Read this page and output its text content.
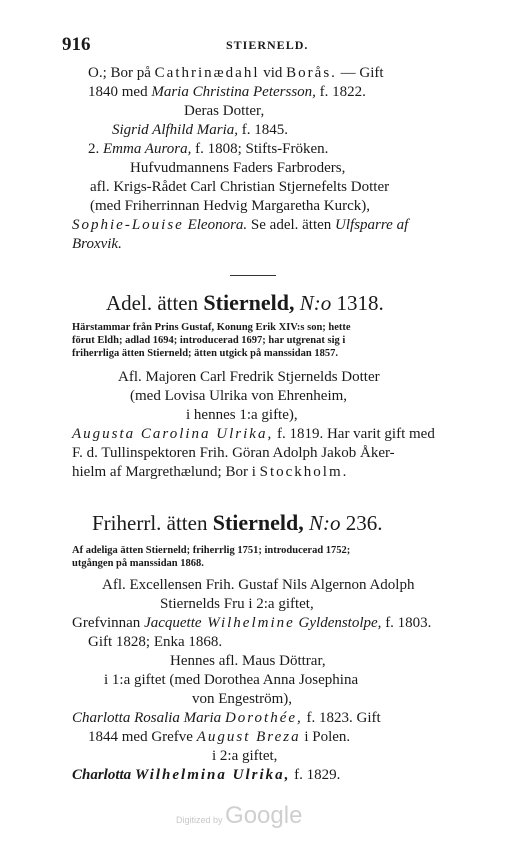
916	STIERNELD.
O.; Bor på Cathrinædahl vid Borås. — Gift
1840 med Maria Christina Petersson, f. 1822.
Deras Dotter,
Sigrid Alfhild Maria, f. 1845.
2. Emma Aurora, f. 1808; Stifts-Fröken.
Hufvudmannens Faders Farbroders,
afl. Krigs-Rådet Carl Christian Stjernefelts Dotter
(med Friherrinnan Hedvig Margaretha Kurck),
Sophie-Louise Eleonora. Se adel. ätten Ulfsparre af
Broxvik.
Adel. ätten Stierneld, N:o 1318.
Härstammar från Prins Gustaf, Konung Erik XIV:s son; hette
förut Eldh; adlad 1694; introducerad 1697; har utgrenat sig i
friherrliga ätten Stierneld; ätten utgick på manssidan 1857.
Afl. Majoren Carl Fredrik Stjernelds Dotter
(med Lovisa Ulrika von Ehrenheim,
i hennes 1:a gifte),
Augusta Carolina Ulrika, f. 1819. Har varit gift med
F. d. Tullinspektoren Frih. Göran Adolph Jakob Åker-
hielm af Margrethælund; Bor i Stockholm.
Friherrl. ätten Stierneld, N:o 236.
Af adeliga ätten Stierneld; friherrlig 1751; introducerad 1752;
utgången på manssidan 1868.
Afl. Excellensen Frih. Gustaf Nils Algernon Adolph
Stiernelds Fru i 2:a giftet,
Grefvinnan Jacquette Wilhelmine Gyldenstolpe, f. 1803.
Gift 1828; Enka 1868.
Hennes afl. Maus Döttrar,
i 1:a giftet (med Dorothea Anna Josephina
von Engeström),
Charlotta Rosalia Maria Dorothée, f. 1823. Gift
1844 med Grefve August Breza i Polen.
i 2:a giftet,
Charlotta Wilhelmina Ulrika, f. 1829.
Digitized by Google
